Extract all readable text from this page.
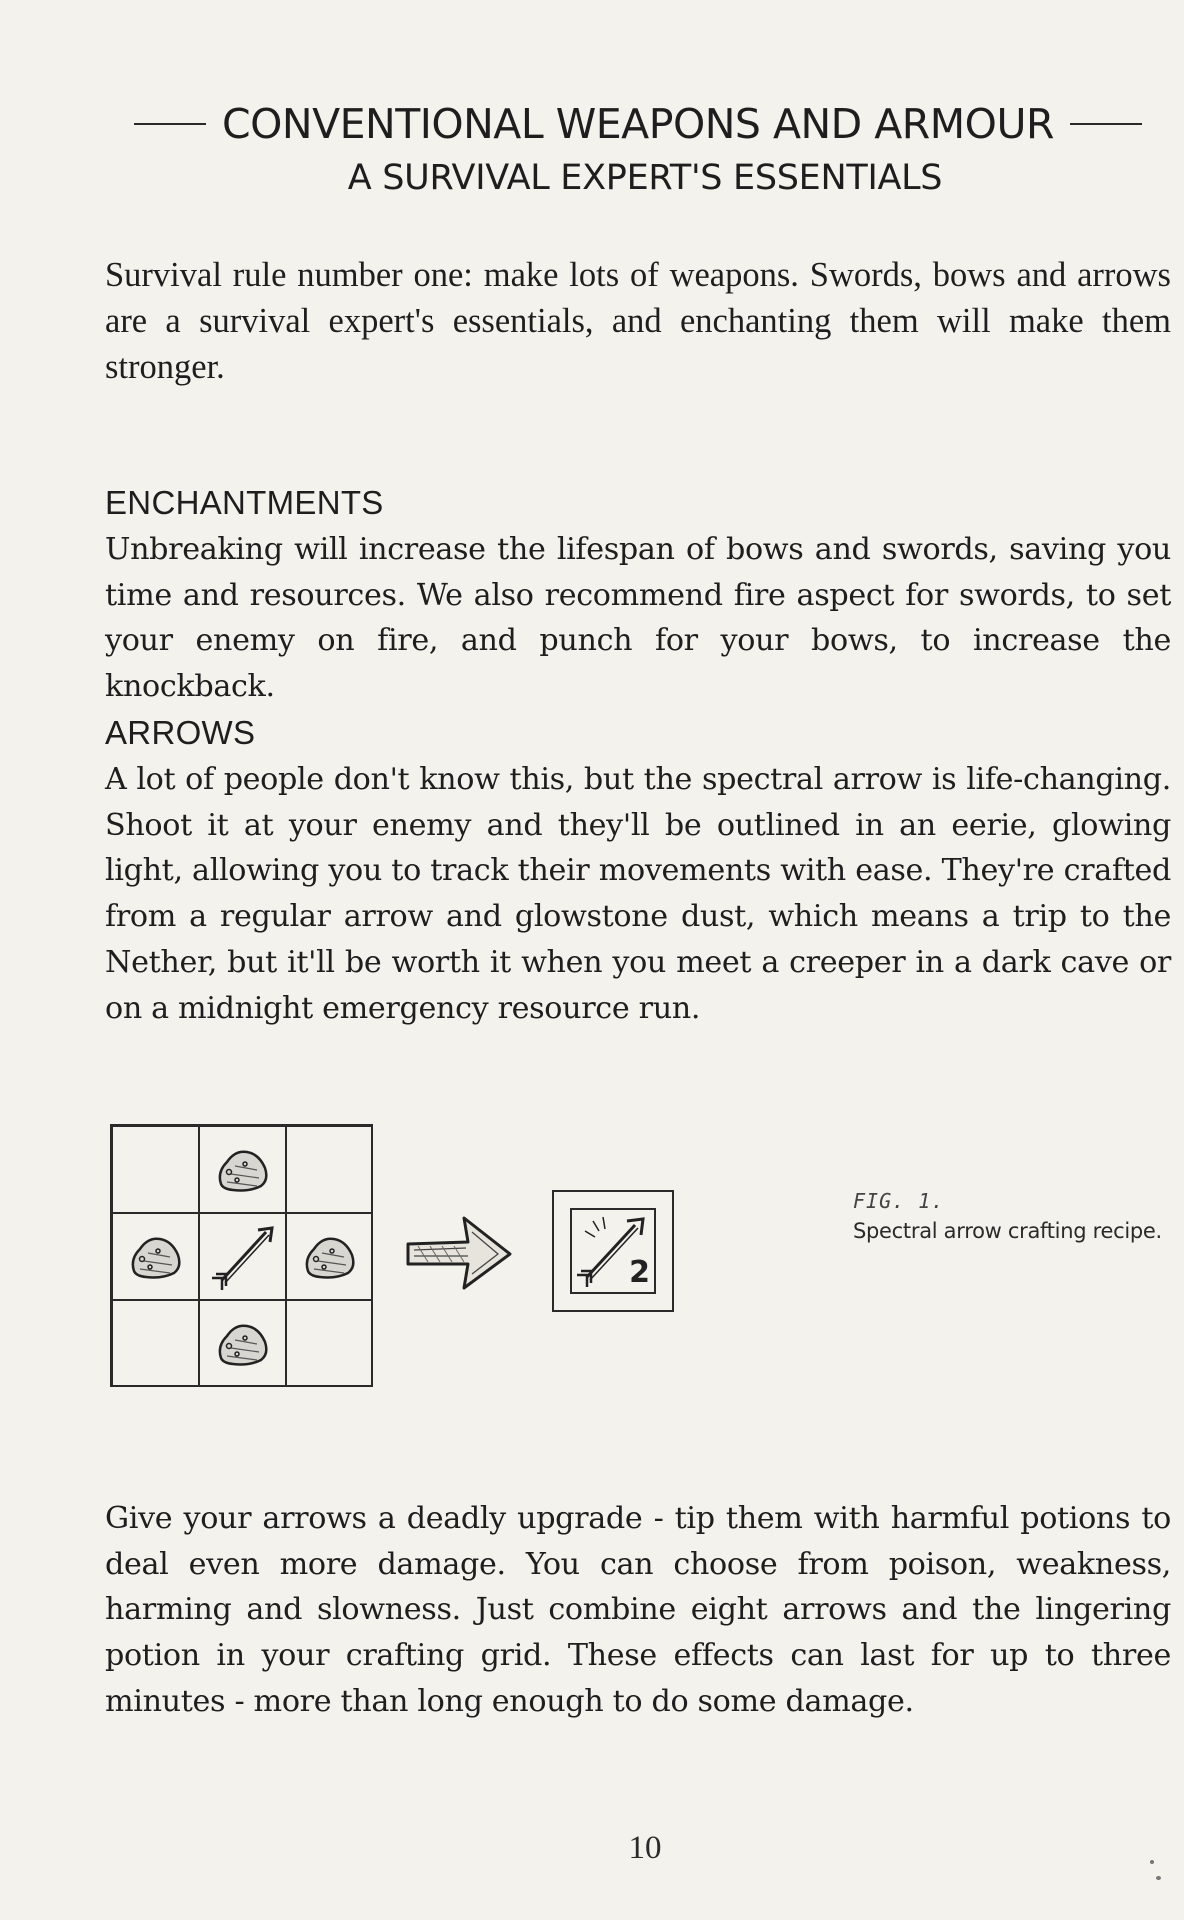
CONVENTIONAL WEAPONS AND ARMOUR
A SURVIVAL EXPERT'S ESSENTIALS
Survival rule number one: make lots of weapons. Swords, bows and arrows are a survival expert's essentials, and enchanting them will make them stronger.
ENCHANTMENTS

Unbreaking will increase the lifespan of bows and swords, saving you time and resources. We also recommend fire aspect for swords, to set your enemy on fire, and punch for your bows, to increase the knockback.

ARROWS

A lot of people don't know this, but the spectral arrow is life-changing. Shoot it at your enemy and they'll be outlined in an eerie, glowing light, allowing you to track their movements with ease. They're crafted from a regular arrow and glowstone dust, which means a trip to the Nether, but it'll be worth it when you meet a creeper in a dark cave or on a midnight emergency resource run.

2
FIG. 1.
Spectral arrow crafting recipe.

Give your arrows a deadly upgrade - tip them with harmful potions to deal even more damage. You can choose from poison, weakness, harming and slowness. Just combine eight arrows and the lingering potion in your crafting grid. These effects can last for up to three minutes - more than long enough to do some damage.

10
